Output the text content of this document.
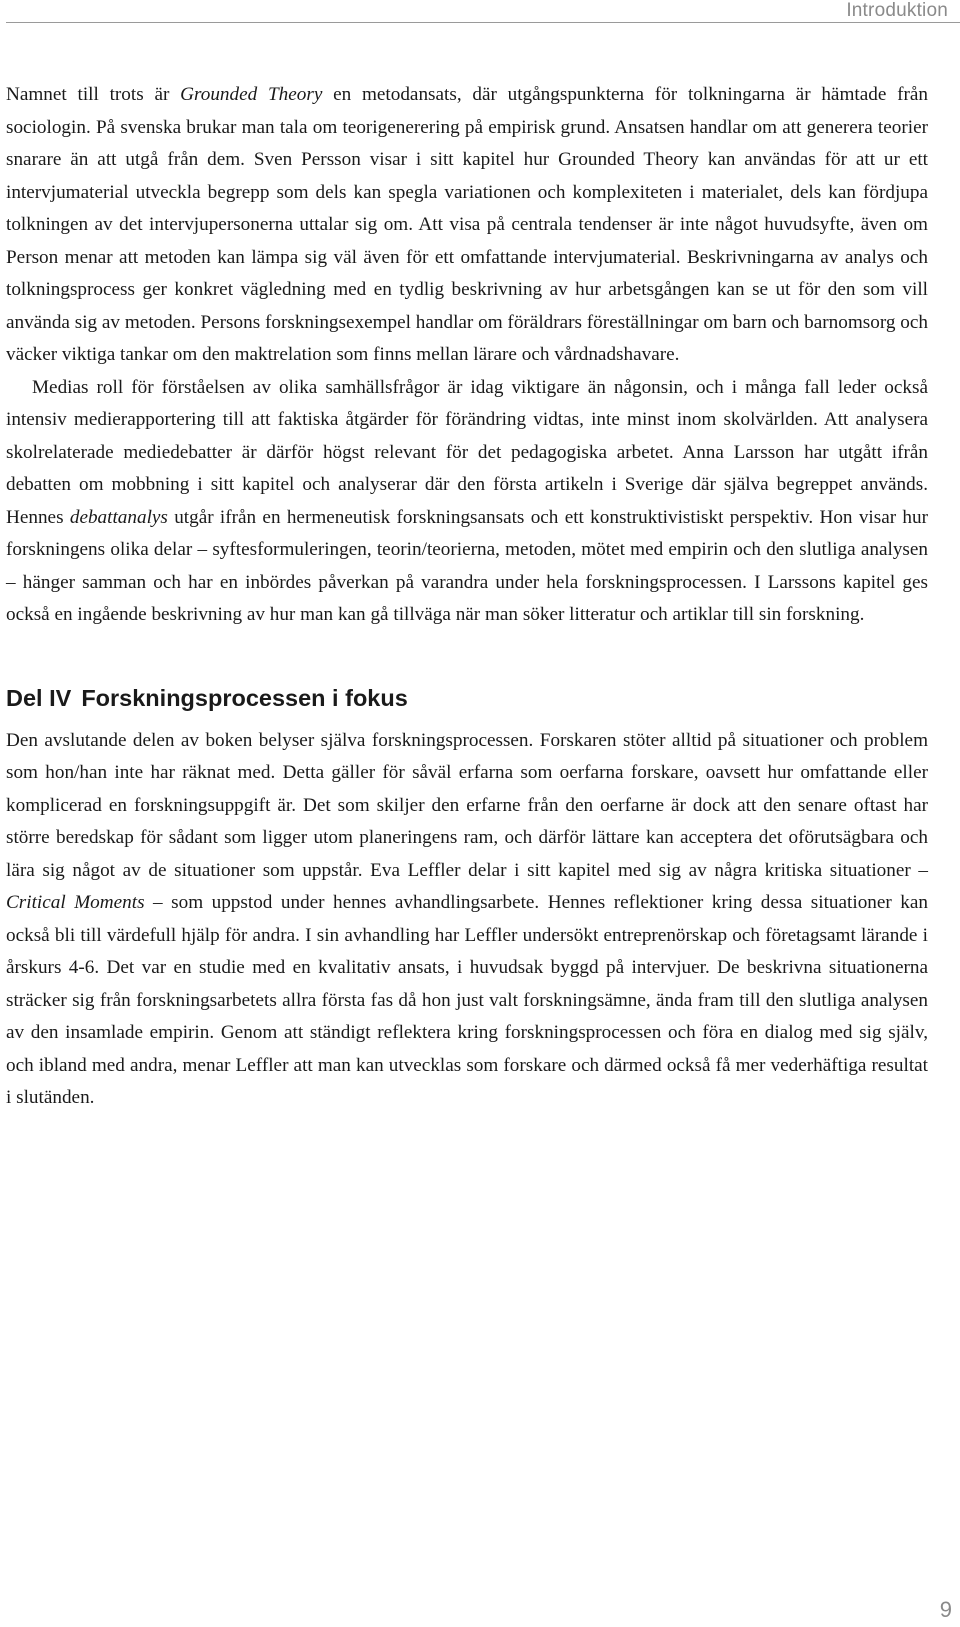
Introduktion

Namnet till trots är Grounded Theory en metodansats, där utgångspunkterna för tolkningarna är hämtade från sociologin. På svenska brukar man tala om teorigenerering på empirisk grund. Ansatsen handlar om att generera teorier snarare än att utgå från dem. Sven Persson visar i sitt kapitel hur Grounded Theory kan användas för att ur ett intervjumaterial utveckla begrepp som dels kan spegla variationen och komplexiteten i materialet, dels kan fördjupa tolkningen av det intervjupersonerna uttalar sig om. Att visa på centrala tendenser är inte något huvudsyfte, även om Person menar att metoden kan lämpa sig väl även för ett omfattande intervjumaterial. Beskrivningarna av analys och tolkningsprocess ger konkret vägledning med en tydlig beskrivning av hur arbetsgången kan se ut för den som vill använda sig av metoden. Persons forskningsexempel handlar om föräldrars föreställningar om barn och barnomsorg och väcker viktiga tankar om den maktrelation som finns mellan lärare och vårdnadshavare.

Medias roll för förståelsen av olika samhällsfrågor är idag viktigare än någonsin, och i många fall leder också intensiv medierapportering till att faktiska åtgärder för förändring vidtas, inte minst inom skolvärlden. Att analysera skolrelaterade mediedebatter är därför högst relevant för det pedagogiska arbetet. Anna Larsson har utgått ifrån debatten om mobbning i sitt kapitel och analyserar där den första artikeln i Sverige där själva begreppet används. Hennes debattanalys utgår ifrån en hermeneutisk forskningsansats och ett konstruktivistiskt perspektiv. Hon visar hur forskningens olika delar – syftesformuleringen, teorin/teorierna, metoden, mötet med empirin och den slutliga analysen – hänger samman och har en inbördes påverkan på varandra under hela forskningsprocessen. I Larssons kapitel ges också en ingående beskrivning av hur man kan gå tillväga när man söker litteratur och artiklar till sin forskning.

Del IV Forskningsprocessen i fokus

Den avslutande delen av boken belyser själva forskningsprocessen. Forskaren stöter alltid på situationer och problem som hon/han inte har räknat med. Detta gäller för såväl erfarna som oerfarna forskare, oavsett hur omfattande eller komplicerad en forskningsuppgift är. Det som skiljer den erfarne från den oerfarne är dock att den senare oftast har större beredskap för sådant som ligger utom planeringens ram, och därför lättare kan acceptera det oförutsägbara och lära sig något av de situationer som uppstår. Eva Leffler delar i sitt kapitel med sig av några kritiska situationer – Critical Moments – som uppstod under hennes avhandlingsarbete. Hennes reflektioner kring dessa situationer kan också bli till värdefull hjälp för andra. I sin avhandling har Leffler undersökt entreprenörskap och företagsamt lärande i årskurs 4-6. Det var en studie med en kvalitativ ansats, i huvudsak byggd på intervjuer. De beskrivna situationerna sträcker sig från forskningsarbetets allra första fas då hon just valt forskningsämne, ända fram till den slutliga analysen av den insamlade empirin. Genom att ständigt reflektera kring forskningsprocessen och föra en dialog med sig själv, och ibland med andra, menar Leffler att man kan utvecklas som forskare och därmed också få mer vederhäftiga resultat i slutänden.

9
